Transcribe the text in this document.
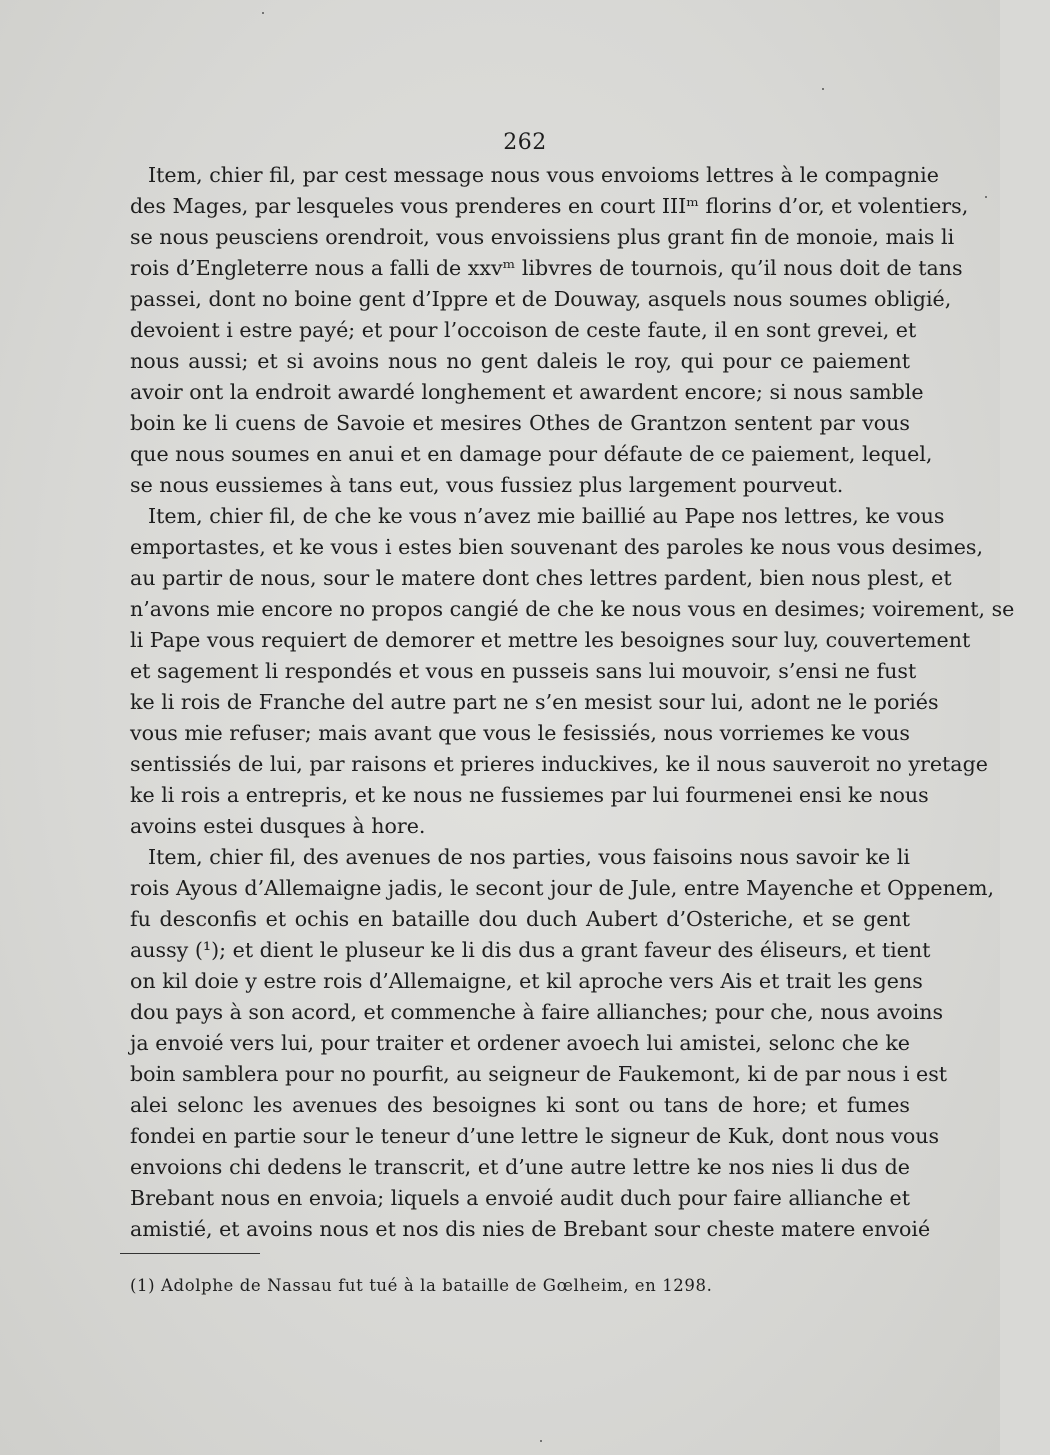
262
Item, chier fil, par cest message nous vous envoioms lettres à le compagnie
des Mages, par lesqueles vous prenderes en court IIIᵐ florins d’or, et volentiers,
se nous peusciens orendroit, vous envoissiens plus grant fin de monoie, mais li
rois d’Engleterre nous a falli de xxvᵐ libvres de tournois, qu’il nous doit de tans
passei, dont no boine gent d’Ippre et de Douway, asquels nous soumes obligié,
devoient i estre payé; et pour l’occoison de ceste faute, il en sont grevei, et
nous aussi; et si avoins nous no gent daleis le roy, qui pour ce paiement
avoir ont la endroit awardé longhement et awardent encore; si nous samble
boin ke li cuens de Savoie et mesires Othes de Grantzon sentent par vous
que nous soumes en anui et en damage pour défaute de ce paiement, lequel,
se nous eussiemes à tans eut, vous fussiez plus largement pourveut.
Item, chier fil, de che ke vous n’avez mie baillié au Pape nos lettres, ke vous
emportastes, et ke vous i estes bien souvenant des paroles ke nous vous desimes,
au partir de nous, sour le matere dont ches lettres pardent, bien nous plest, et
n’avons mie encore no propos cangié de che ke nous vous en desimes; voirement, se
li Pape vous requiert de demorer et mettre les besoignes sour luy, couvertement
et sagement li respondés et vous en pusseis sans lui mouvoir, s’ensi ne fust
ke li rois de Franche del autre part ne s’en mesist sour lui, adont ne le poriés
vous mie refuser; mais avant que vous le fesissiés, nous vorriemes ke vous
sentissiés de lui, par raisons et prieres induckives, ke il nous sauveroit no yretage
ke li rois a entrepris, et ke nous ne fussiemes par lui fourmenei ensi ke nous
avoins estei dusques à hore.
Item, chier fil, des avenues de nos parties, vous faisoins nous savoir ke li
rois Ayous d’Allemaigne jadis, le secont jour de Jule, entre Mayenche et Oppenem,
fu desconfis et ochis en bataille dou duch Aubert d’Osteriche, et se gent
aussy (¹); et dient le pluseur ke li dis dus a grant faveur des éliseurs, et tient
on kil doie y estre rois d’Allemaigne, et kil aproche vers Ais et trait les gens
dou pays à son acord, et commenche à faire allianches; pour che, nous avoins
ja envoié vers lui, pour traiter et ordener avoech lui amistei, selonc che ke
boin samblera pour no pourfit, au seigneur de Faukemont, ki de par nous i est
alei selonc les avenues des besoignes ki sont ou tans de hore; et fumes
fondei en partie sour le teneur d’une lettre le signeur de Kuk, dont nous vous
envoions chi dedens le transcrit, et d’une autre lettre ke nos nies li dus de
Brebant nous en envoia; liquels a envoié audit duch pour faire allianche et
amistié, et avoins nous et nos dis nies de Brebant sour cheste matere envoié
(1) Adolphe de Nassau fut tué à la bataille de Gœlheim, en 1298.
